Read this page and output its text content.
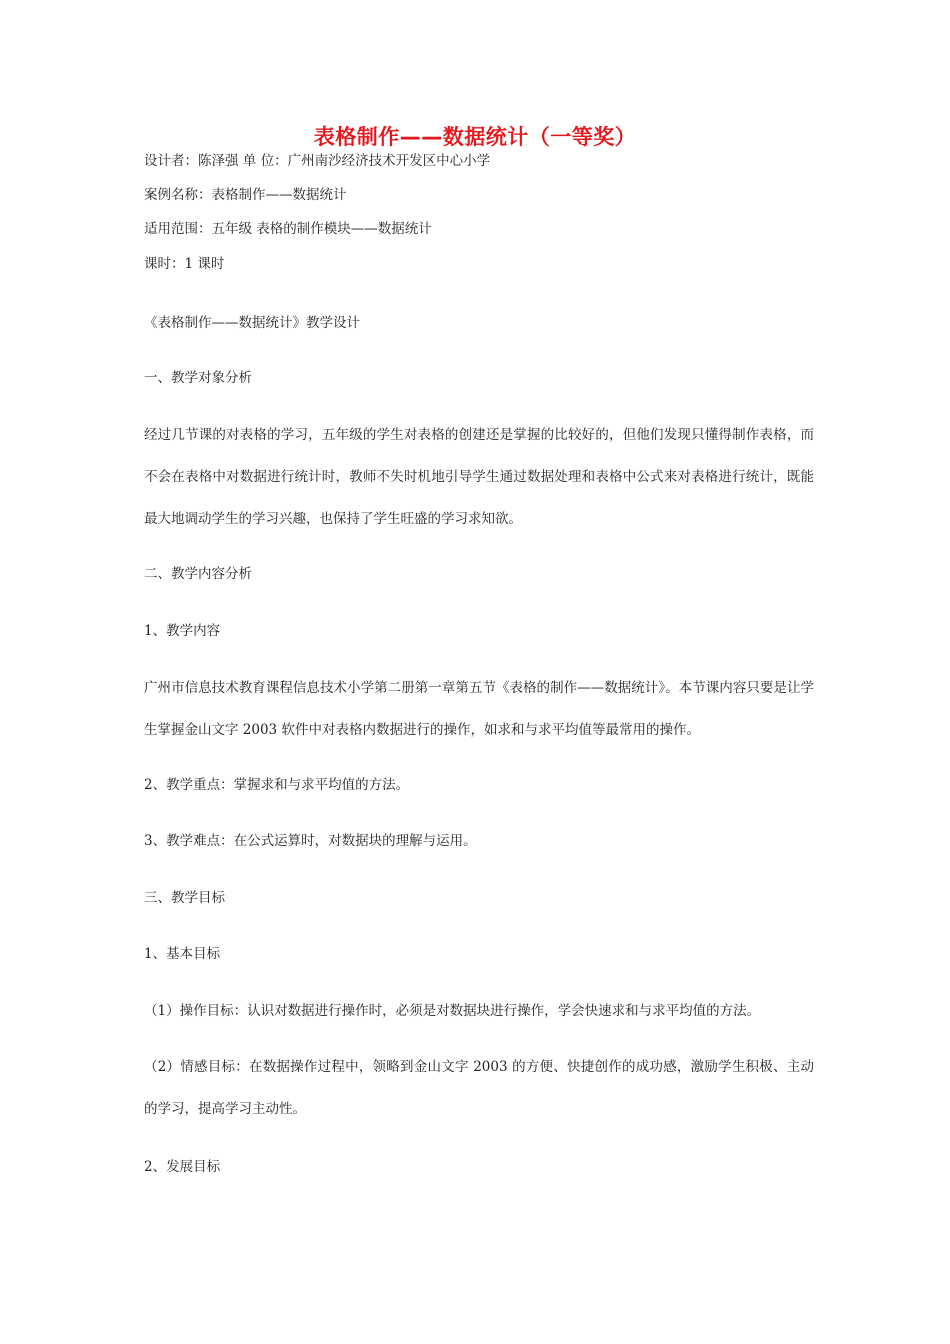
表格制作——数据统计（一等奖）
设计者：陈泽强 单 位：广州南沙经济技术开发区中心小学
案例名称：表格制作——数据统计
适用范围：五年级 表格的制作模块——数据统计
课时：1 课时
《表格制作——数据统计》教学设计
一、教学对象分析
经过几节课的对表格的学习，五年级的学生对表格的创建还是掌握的比较好的，但他们发现只懂得制作表格，而不会在表格中对数据进行统计时，教师不失时机地引导学生通过数据处理和表格中公式来对表格进行统计，既能最大地调动学生的学习兴趣，也保持了学生旺盛的学习求知欲。
二、教学内容分析
1、教学内容
广州市信息技术教育课程信息技术小学第二册第一章第五节《表格的制作——数据统计》。本节课内容只要是让学生掌握金山文字 2003 软件中对表格内数据进行的操作，如求和与求平均值等最常用的操作。
2、教学重点：掌握求和与求平均值的方法。
3、教学难点：在公式运算时，对数据块的理解与运用。
三、教学目标
1、基本目标
（1）操作目标：认识对数据进行操作时，必须是对数据块进行操作，学会快速求和与求平均值的方法。
（2）情感目标：在数据操作过程中，领略到金山文字 2003 的方便、快捷创作的成功感，激励学生积极、主动的学习，提高学习主动性。
2、发展目标
